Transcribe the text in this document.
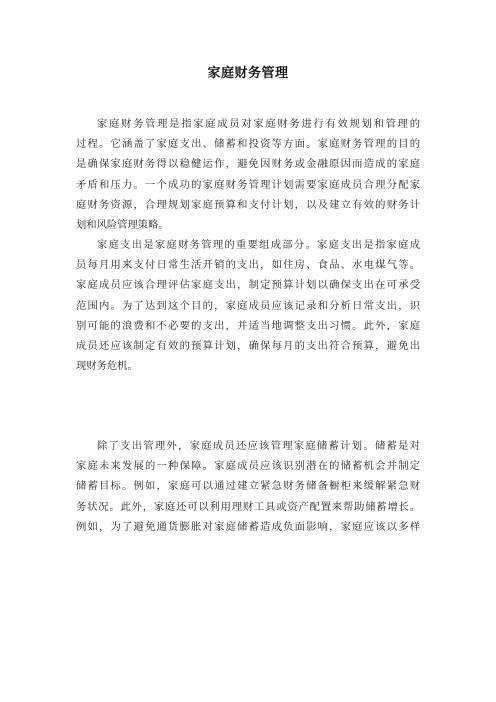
家庭财务管理
家庭财务管理是指家庭成员对家庭财务进行有效规划和管理的
过程。它涵盖了家庭支出、储蓄和投资等方面。家庭财务管理的目的
是确保家庭财务得以稳健运作，避免因财务或金融原因而造成的家庭
矛盾和压力。一个成功的家庭财务管理计划需要家庭成员合理分配家
庭财务资源，合理规划家庭预算和支付计划，以及建立有效的财务计
划和风险管理策略。
家庭支出是家庭财务管理的重要组成部分。家庭支出是指家庭成
员每月用来支付日常生活开销的支出，如住房、食品、水电煤气等。
家庭成员应该合理评估家庭支出，制定预算计划以确保支出在可承受
范围内。为了达到这个目的，家庭成员应该记录和分析日常支出，识
别可能的浪费和不必要的支出，并适当地调整支出习惯。此外，家庭
成员还应该制定有效的预算计划，确保每月的支出符合预算，避免出
现财务危机。
除了支出管理外，家庭成员还应该管理家庭储蓄计划。储蓄是对
家庭未来发展的一种保障。家庭成员应该识别潜在的储蓄机会并制定
储蓄目标。例如，家庭可以通过建立紧急财务储备橱柜来缓解紧急财
务状况。此外，家庭还可以利用理财工具或资产配置来帮助储蓄增长。
例如，为了避免通货膨胀对家庭储蓄造成负面影响，家庭应该以多样
